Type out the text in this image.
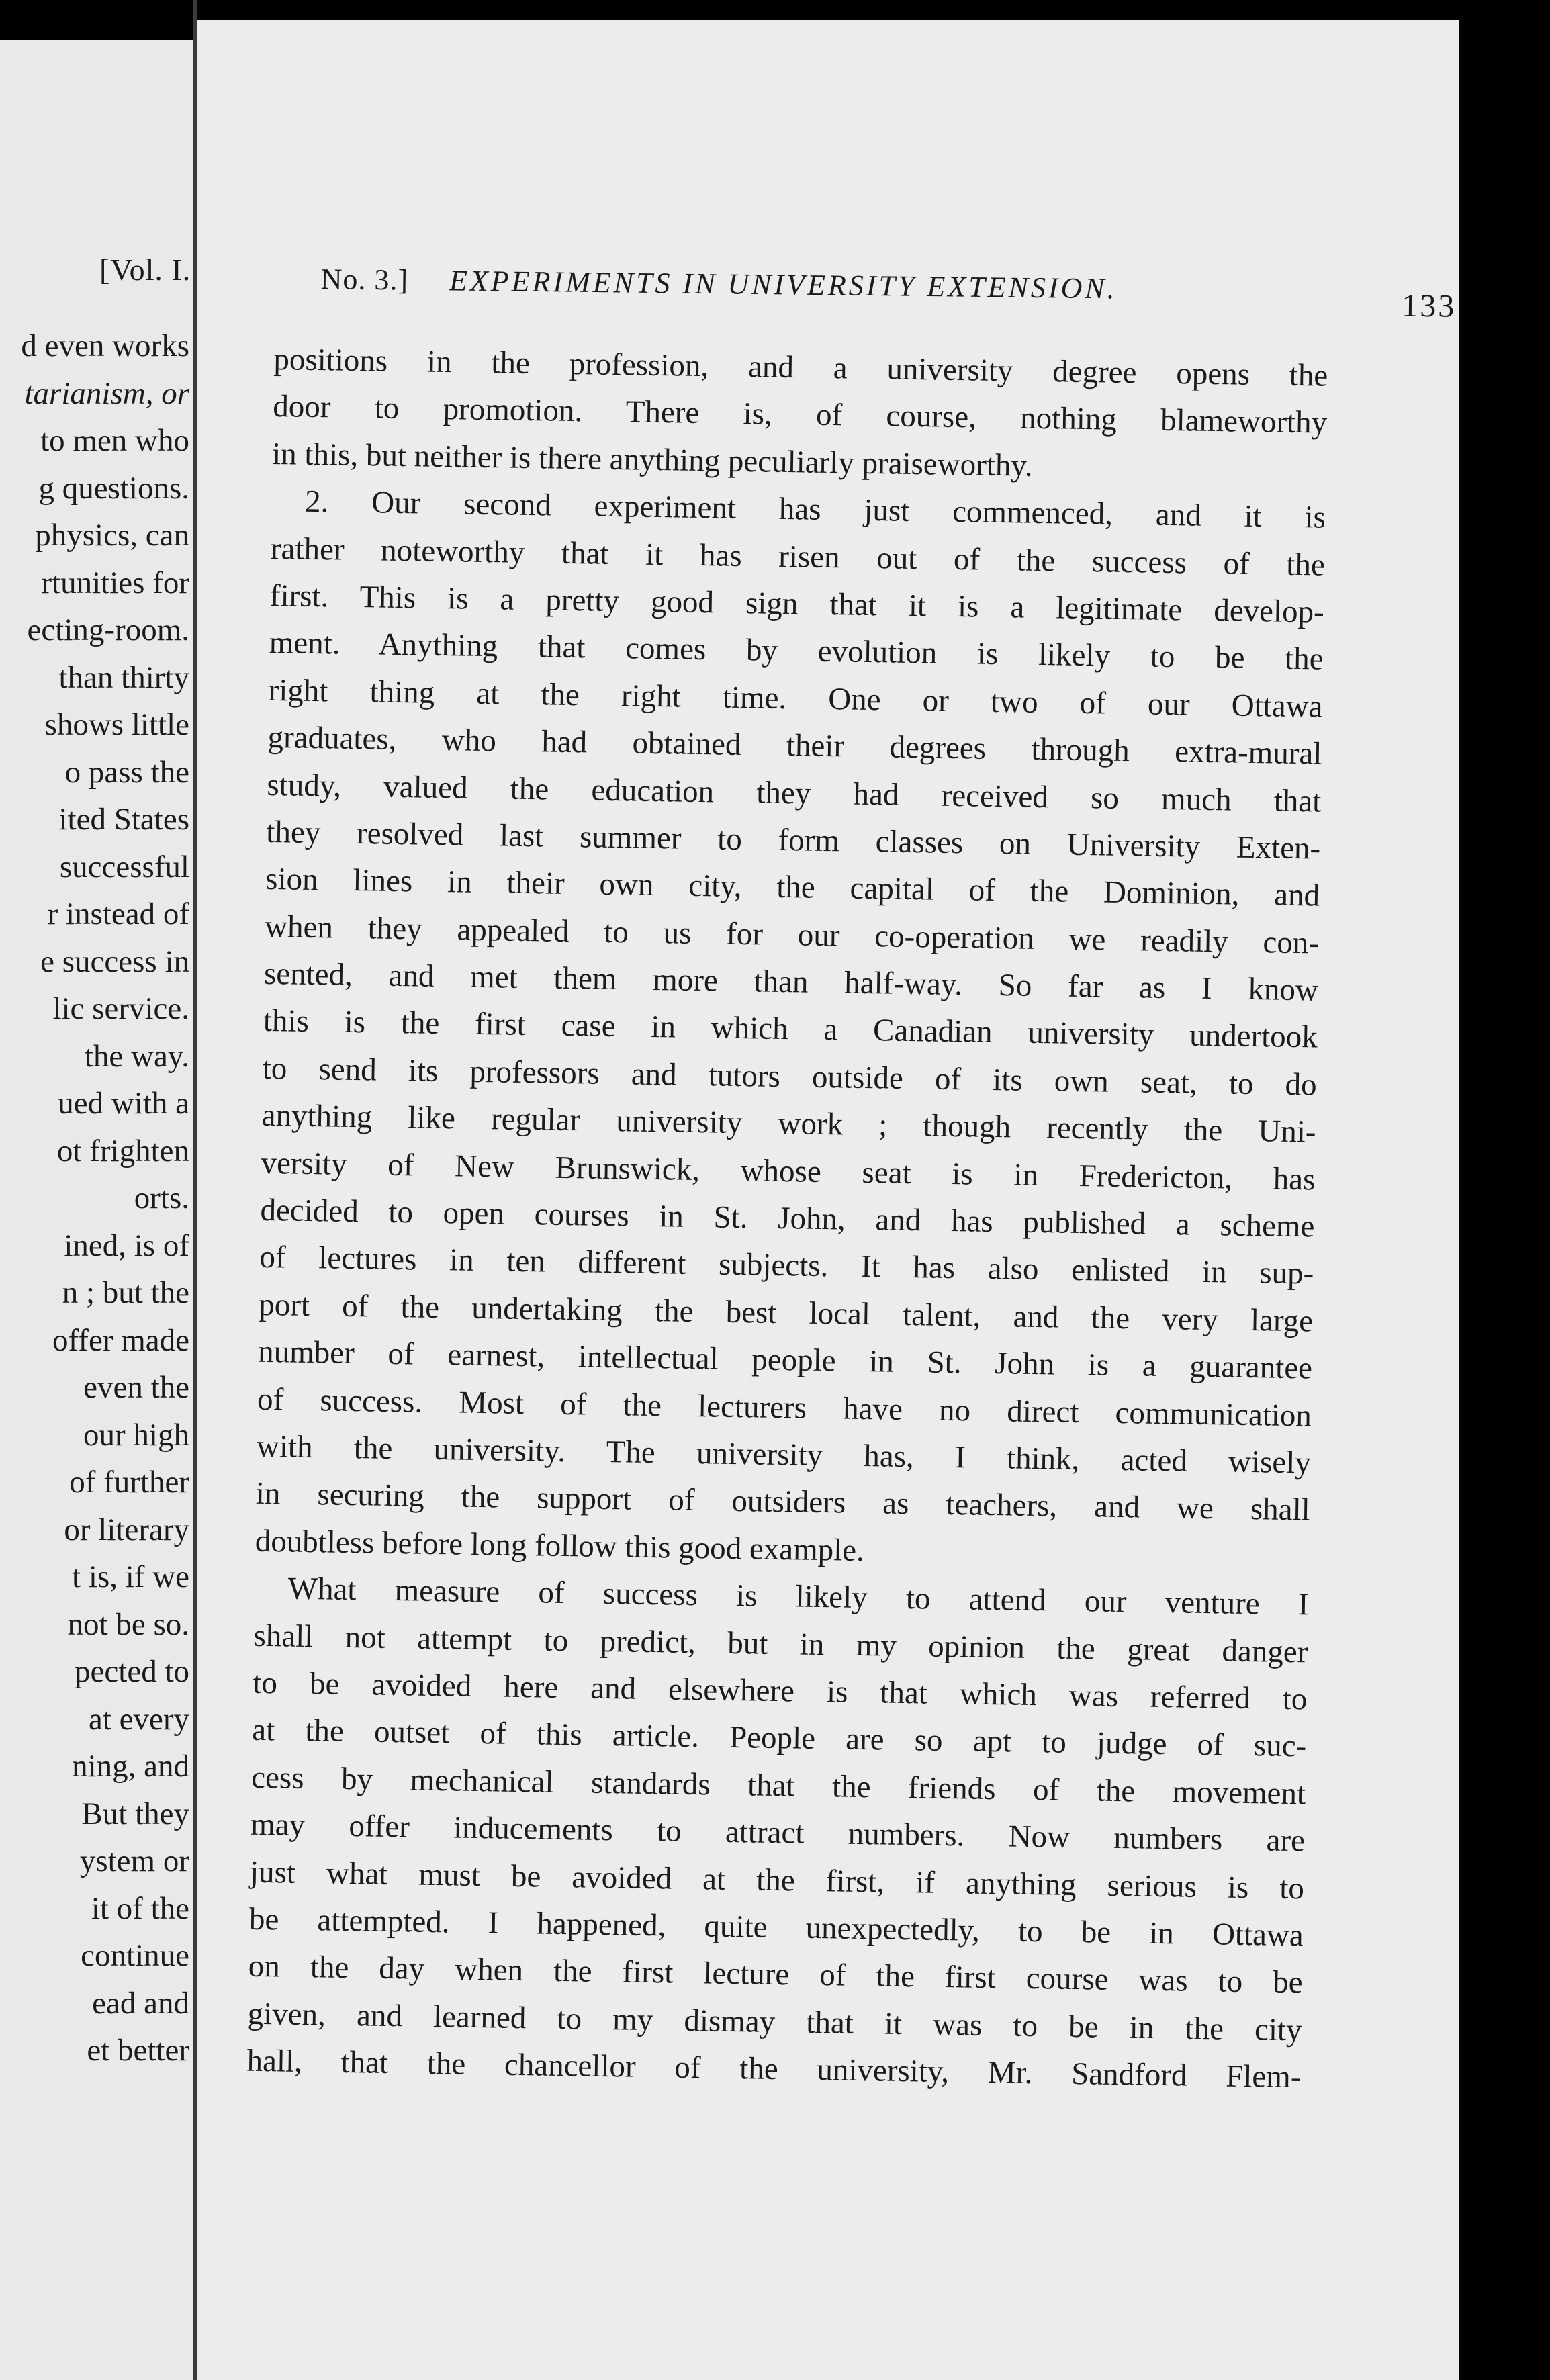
[Vol. I.
d even works
tarianism, or
to men who
g questions.
physics, can
rtunities for
ecting-room.
than thirty
shows little
o pass the
ited States
successful
r instead of
e success in
lic service.
the way.
ued with a
ot frighten
orts.
ined, is of
n ; but the
offer made
even the
our high
of further
or literary
t is, if we
not be so.
pected to
at every
ning, and
But they
ystem or
it of the
continue
ead and
et better
No. 3.] EXPERIMENTS IN UNIVERSITY EXTENSION.
133
positions in the profession, and a university degree opens the
door to promotion. There is, of course, nothing blameworthy
in this, but neither is there anything peculiarly praiseworthy.
2. Our second experiment has just commenced, and it is
rather noteworthy that it has risen out of the success of the
first. This is a pretty good sign that it is a legitimate develop-
ment. Anything that comes by evolution is likely to be the
right thing at the right time. One or two of our Ottawa
graduates, who had obtained their degrees through extra-mural
study, valued the education they had received so much that
they resolved last summer to form classes on University Exten-
sion lines in their own city, the capital of the Dominion, and
when they appealed to us for our co-operation we readily con-
sented, and met them more than half-way. So far as I know
this is the first case in which a Canadian university undertook
to send its professors and tutors outside of its own seat, to do
anything like regular university work ; though recently the Uni-
versity of New Brunswick, whose seat is in Fredericton, has
decided to open courses in St. John, and has published a scheme
of lectures in ten different subjects. It has also enlisted in sup-
port of the undertaking the best local talent, and the very large
number of earnest, intellectual people in St. John is a guarantee
of success. Most of the lecturers have no direct communication
with the university. The university has, I think, acted wisely
in securing the support of outsiders as teachers, and we shall
doubtless before long follow this good example.
What measure of success is likely to attend our venture I
shall not attempt to predict, but in my opinion the great danger
to be avoided here and elsewhere is that which was referred to
at the outset of this article. People are so apt to judge of suc-
cess by mechanical standards that the friends of the movement
may offer inducements to attract numbers. Now numbers are
just what must be avoided at the first, if anything serious is to
be attempted. I happened, quite unexpectedly, to be in Ottawa
on the day when the first lecture of the first course was to be
given, and learned to my dismay that it was to be in the city
hall, that the chancellor of the university, Mr. Sandford Flem-
